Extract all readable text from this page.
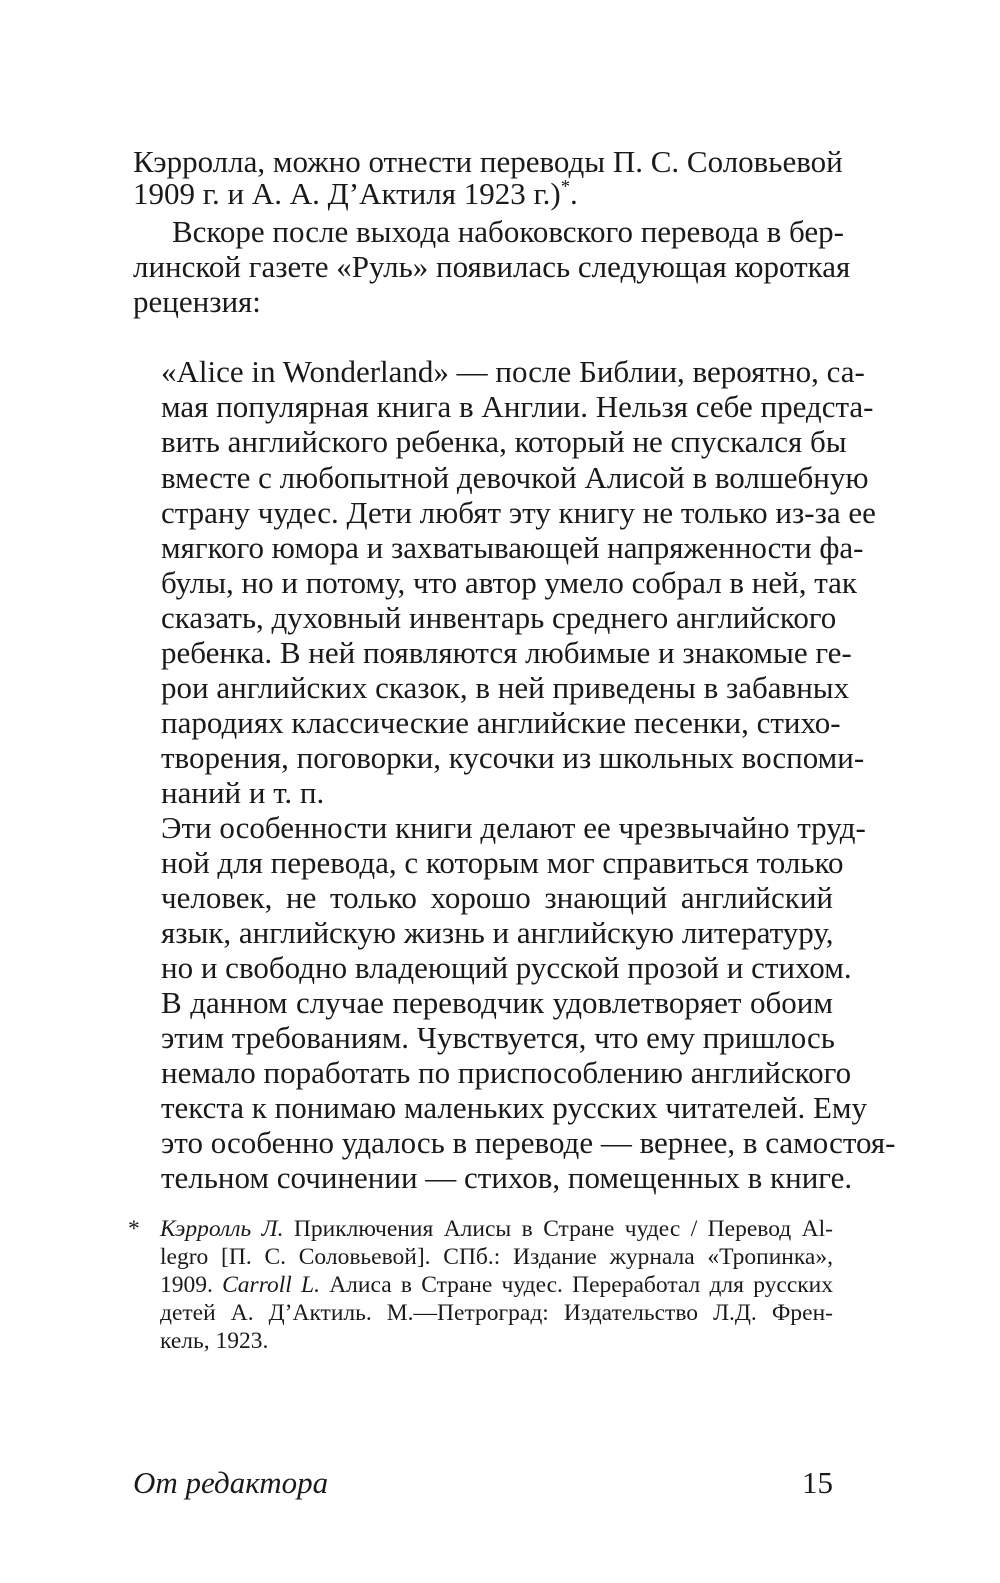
Кэрролла, можно отнести переводы П. С. Соловьевой
1909 г. и А. А. Д’Актиля 1923 г.)*.
Вскоре после выхода набоковского перевода в бер-
линской газете «Руль» появилась следующая короткая
рецензия:
«Alice in Wonderland» — после Библии, вероятно, са-
мая популярная книга в Англии. Нельзя себе предста-
вить английского ребенка, который не спускался бы
вместе с любопытной девочкой Алисой в волшебную
страну чудес. Дети любят эту книгу не только из-за ее
мягкого юмора и захватывающей напряженности фа-
булы, но и потому, что автор умело собрал в ней, так
сказать, духовный инвентарь среднего английского
ребенка. В ней появляются любимые и знакомые ге-
рои английских сказок, в ней приведены в забавных
пародиях классические английские песенки, стихо-
творения, поговорки, кусочки из школьных воспоми-
наний и т. п.
Эти особенности книги делают ее чрезвычайно труд-
ной для перевода, с которым мог справиться только
человек, не только хорошо знающий английский
язык, английскую жизнь и английскую литературу,
но и свободно владеющий русской прозой и стихом.
В данном случае переводчик удовлетворяет обоим
этим требованиям. Чувствуется, что ему пришлось
немало поработать по приспособлению английского
текста к понимаю маленьких русских читателей. Ему
это особенно удалось в переводе — вернее, в самостоя-
тельном сочинении — стихов, помещенных в книге.
* Кэрролль Л. Приключения Алисы в Стране чудес / Перевод Al-
legro [П. С. Соловьевой]. СПб.: Издание журнала «Тропинка»,
1909. Carroll L. Алиса в Стране чудес. Переработал для русских
детей А. Д’Актиль. М.—Петроград: Издательство Л.Д. Френ-
кель, 1923.
От редактора	15
